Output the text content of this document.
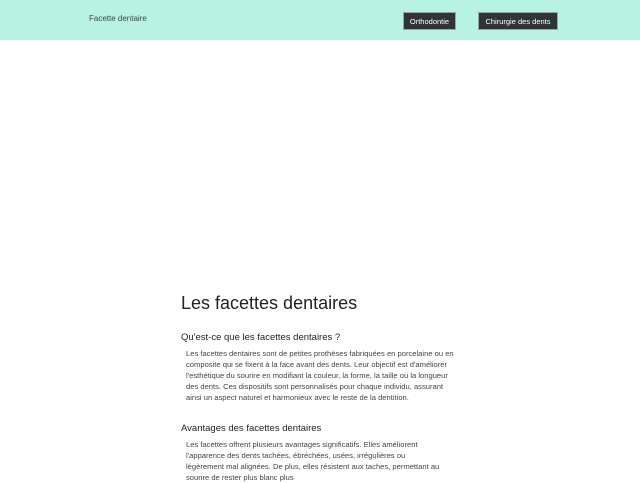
Facette dentaire	Orthodontie	Chirurgie des dents
Les facettes dentaires
Qu'est-ce que les facettes dentaires ?

Les facettes dentaires sont de petites prothèses fabriquées en porcelaine ou en composite qui se fixent à la face avant des dents. Leur objectif est d'améliorer l'esthétique du sourire en modifiant la couleur, la forme, la taille ou la longueur des dents. Ces dispositifs sont personnalisés pour chaque individu, assurant ainsi un aspect naturel et harmonieux avec le reste de la dentition.

Avantages des facettes dentaires

Les facettes offrent plusieurs avantages significatifs. Elles améliorent l'apparence des dents tachées, ébréchées, usées, irrégulières ou légèrement mal alignées. De plus, elles résistent aux taches, permettant au sourire de rester plus blanc plus
